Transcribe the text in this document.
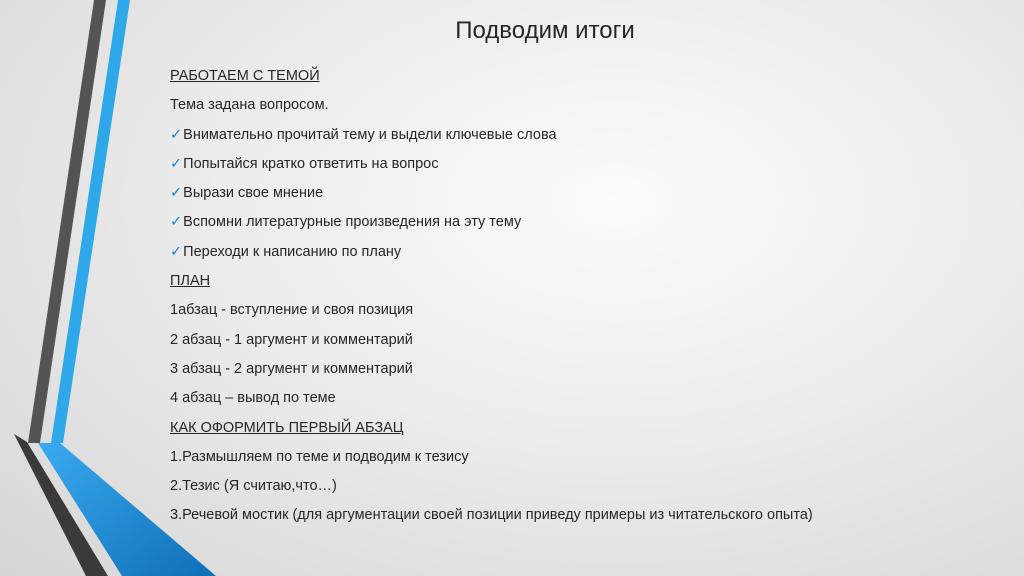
Подводим итоги
РАБОТАЕМ С ТЕМОЙ
Тема задана вопросом.
✓Внимательно прочитай тему и выдели ключевые слова
✓Попытайся кратко ответить на вопрос
✓Вырази свое мнение
✓Вспомни литературные произведения на эту тему
✓Переходи к написанию по плану
ПЛАН
1абзац - вступление и своя позиция
2 абзац - 1 аргумент и комментарий
3 абзац - 2 аргумент и комментарий
4 абзац – вывод по теме
КАК ОФОРМИТЬ ПЕРВЫЙ АБЗАЦ
1.Размышляем по теме и подводим к тезису
2.Тезис (Я считаю,что…)
3.Речевой мостик (для аргументации своей позиции приведу примеры из читательского опыта)
